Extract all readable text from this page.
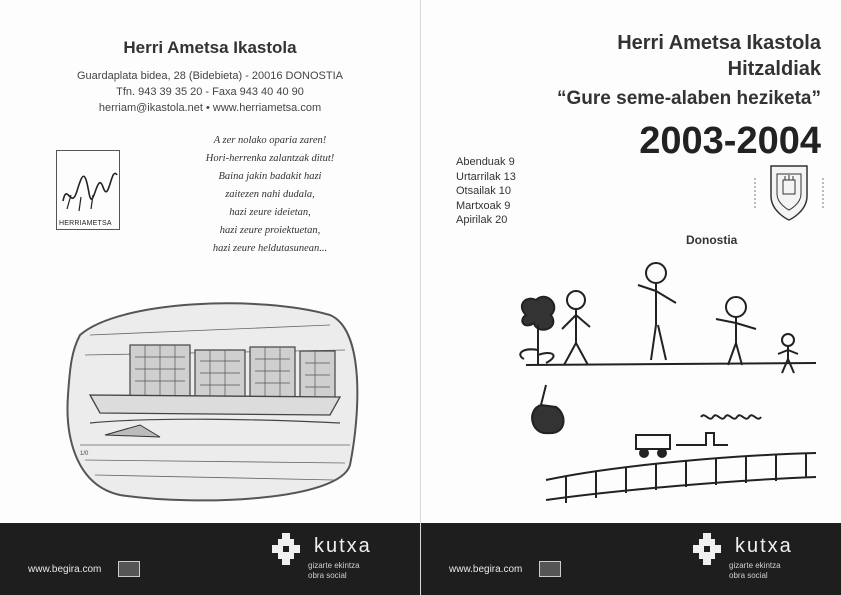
Herri Ametsa Ikastola
Guardaplata bidea, 28 (Bidebieta) - 20016 DONOSTIA
Tfn. 943 39 35 20 - Faxa 943 40 40 90
herriam@ikastola.net • www.herriametsa.com
HERRIAMETSA
A zer nolako oparia zaren!
Hori-herrenka zalantzak ditut!
Baina jakin badakit hazi
zaitezen nahi dudala,
hazi zeure ideietan,
hazi zeure proiektuetan,
hazi zeure heldutasunean...
1/0
www.begira.com
kutxa
gizarte ekintza
obra social
Herri Ametsa Ikastola
Hitzaldiak
“Gure seme-alaben heziketa”
2003-2004
Abenduak 9
Urtarrilak 13
Otsailak 10
Martxoak 9
Apirilak 20
Donostia
www.begira.com
kutxa
gizarte ekintza
obra social
